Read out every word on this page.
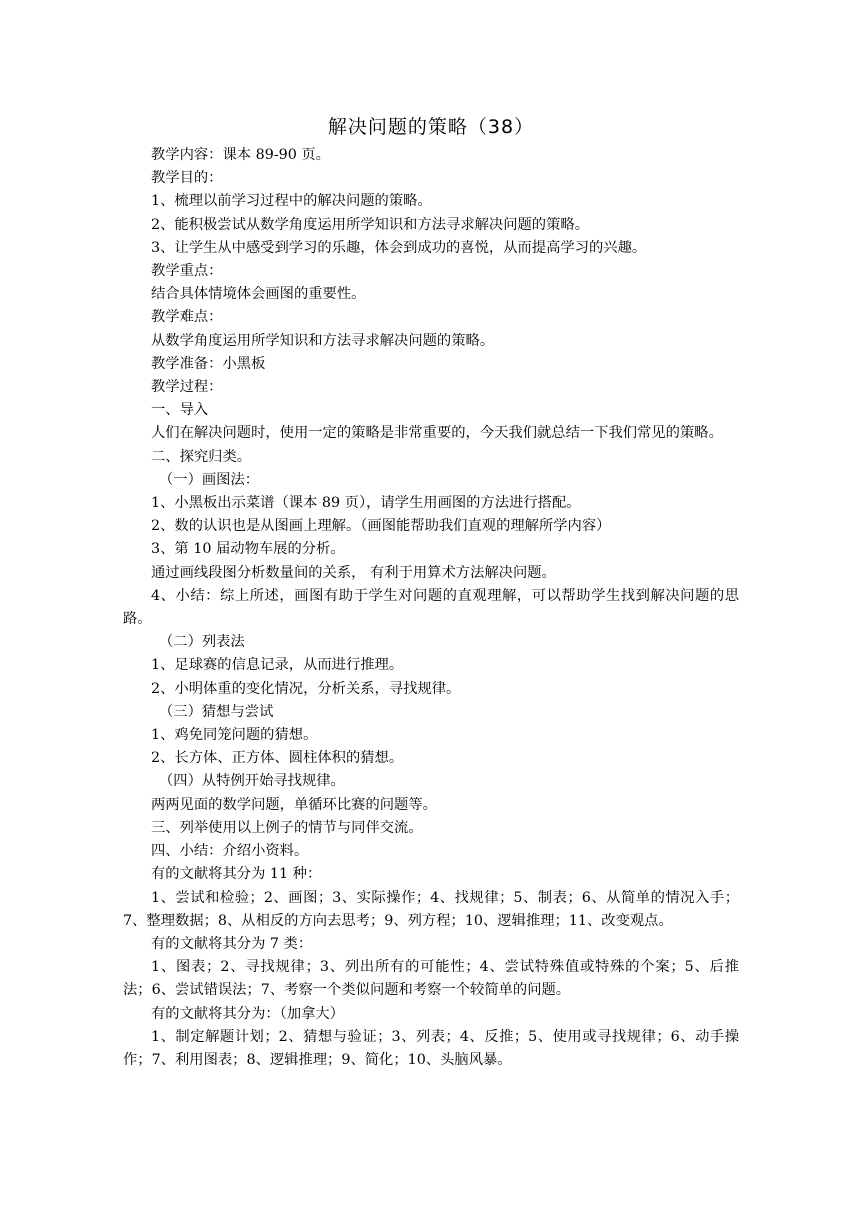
解决问题的策略（38）

教学内容：课本 89-90 页。

教学目的：

1、梳理以前学习过程中的解决问题的策略。

2、能积极尝试从数学角度运用所学知识和方法寻求解决问题的策略。

3、让学生从中感受到学习的乐趣，体会到成功的喜悦，从而提高学习的兴趣。

教学重点：

结合具体情境体会画图的重要性。

教学难点：

从数学角度运用所学知识和方法寻求解决问题的策略。

教学准备：小黑板

教学过程：

一、导入

人们在解决问题时，使用一定的策略是非常重要的，今天我们就总结一下我们常见的策略。

二、探究归类。

（一）画图法：

1、小黑板出示菜谱（课本 89 页），请学生用画图的方法进行搭配。

2、数的认识也是从图画上理解。（画图能帮助我们直观的理解所学内容）

3、第 10 届动物车展的分析。

通过画线段图分析数量间的关系， 有利于用算术方法解决问题。

4、小结：综上所述，画图有助于学生对问题的直观理解，可以帮助学生找到解决问题的思路。

（二）列表法

1、足球赛的信息记录，从而进行推理。

2、小明体重的变化情况，分析关系，寻找规律。

（三）猜想与尝试

1、鸡免同笼问题的猜想。

2、长方体、正方体、圆柱体积的猜想。

（四）从特例开始寻找规律。

两两见面的数学问题，单循环比赛的问题等。

三、列举使用以上例子的情节与同伴交流。

四、小结：介绍小资料。

有的文献将其分为 11 种：

1、尝试和检验；2、画图；3、实际操作；4、找规律；5、制表；6、从简单的情况入手；7、整理数据；8、从相反的方向去思考；9、列方程；10、逻辑推理；11、改变观点。

有的文献将其分为 7 类：

1、图表；2、寻找规律；3、列出所有的可能性；4、尝试特殊值或特殊的个案；5、后推法；6、尝试错误法；7、考察一个类似问题和考察一个较简单的问题。

有的文献将其分为：（加拿大）

1、制定解题计划；2、猜想与验证；3、列表；4、反推；5、使用或寻找规律；6、动手操作；7、利用图表；8、逻辑推理；9、简化；10、头脑风暴。
